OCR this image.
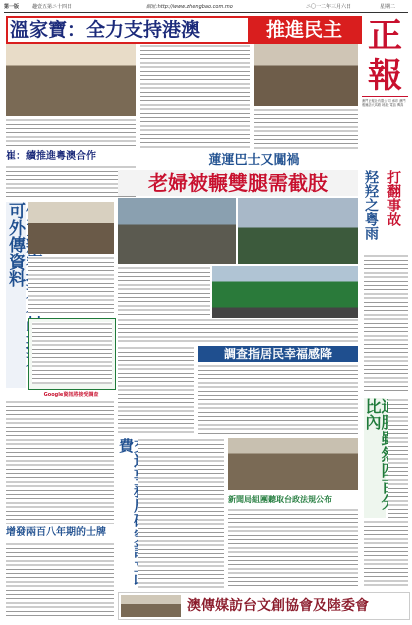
第一版	趣壹五第ニ十四日	網址:http://www.zhengbao.com.mo	ニ〇一二年三月六日	星期二
溫家寶：全力支持港澳	推進民主 正
報
澳門正報社有限公司 承印 澳門雅廉訪大馬路 地址 電話 傳真
崔：續推進粵澳合作	蓮運巴士又闖禍
老婦被輾雙腿需截肢
可外傳資料
Google資訊將接受調查
增發兩百八年期的士牌
調查指居民幸福感降
費
新聞局組團聽取台政法規公布
羟羟之粤雨 打翻事故
比內
澳傳媒訪台文創協會及陸委會
